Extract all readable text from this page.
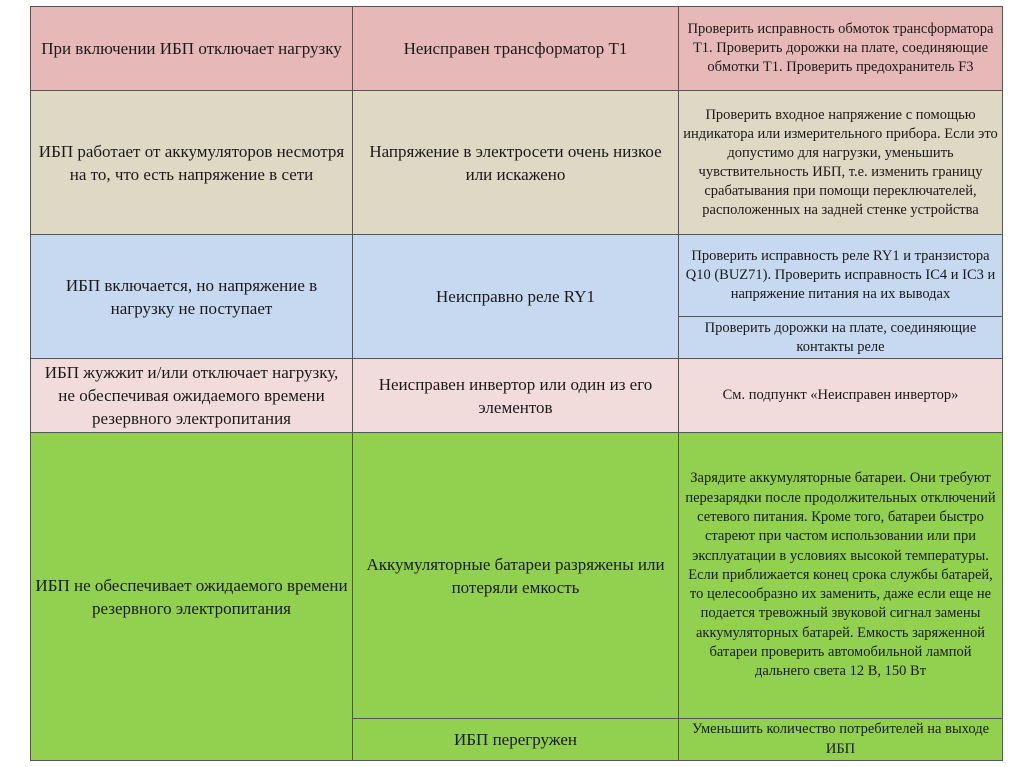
При включении ИБП отключает нагрузку	Неисправен трансформатор Т1	Проверить исправность обмоток трансформатора Т1. Проверить дорожки на плате, соединяющие обмотки Т1. Проверить предохранитель F3
ИБП работает от аккумуляторов несмотря на то, что есть напряжение в сети	Напряжение в электросети очень низкое или искажено	Проверить входное напряжение с помощью индикатора или измерительного прибора. Если это допустимо для нагрузки, уменьшить чувствительность ИБП, т.е. изменить границу срабатывания при помощи переключателей, расположенных на задней стенке устройства
ИБП включается, но напряжение в нагрузку не поступает	Неисправно реле RY1	Проверить исправность реле RY1 и транзистора Q10 (BUZ71). Проверить исправность IC4 и IC3 и напряжение питания на их выводах
		Проверить дорожки на плате, соединяющие контакты реле
ИБП жужжит и/или отключает нагрузку, не обеспечивая ожидаемого времени резервного электропитания	Неисправен инвертор или один из его элементов	См. подпункт «Неисправен инвертор»
ИБП не обеспечивает ожидаемого времени резервного электропитания	Аккумуляторные батареи разряжены или потеряли емкость	Зарядите аккумуляторные батареи. Они требуют перезарядки после продолжительных отключений сетевого питания. Кроме того, батареи быстро стареют при частом использовании или при эксплуатации в условиях высокой температуры. Если приближается конец срока службы батарей, то целесообразно их заменить, даже если еще не подается тревожный звуковой сигнал замены аккумуляторных батарей. Емкость заряженной батареи проверить автомобильной лампой дальнего света 12 В, 150 Вт
	ИБП перегружен	Уменьшить количество потребителей на выходе ИБП
